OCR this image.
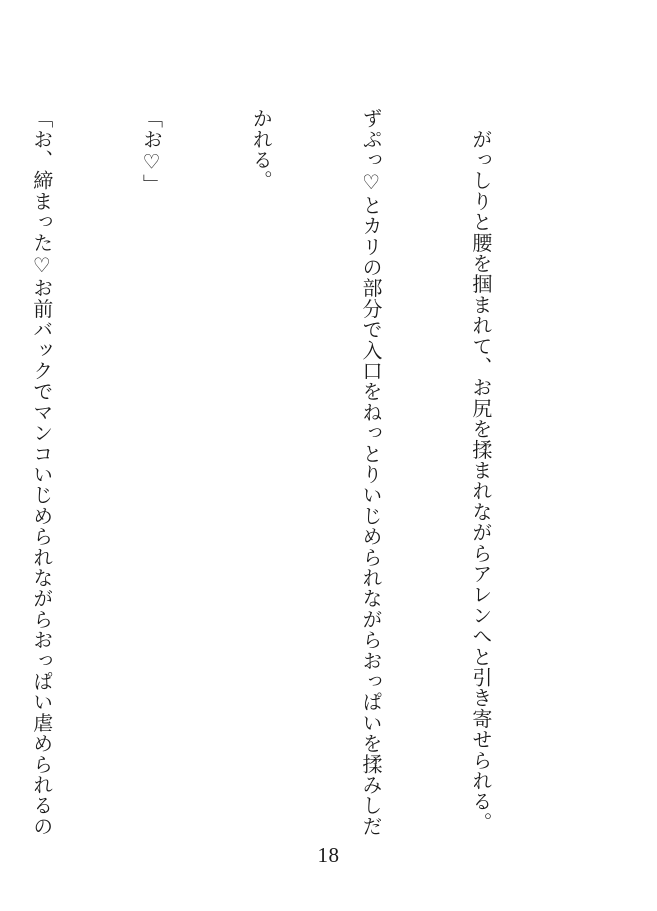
　がっしりと腰を掴まれて、お尻を揉まれながらアレンへと引き寄せられる。

ずぷっ♡とカリの部分で入口をねっとりいじめられながらおっぱいを揉みしだ

かれる。

「お♡」

「お、締まった♡お前バックでマンコいじめられながらおっぱい虐められるの

18
